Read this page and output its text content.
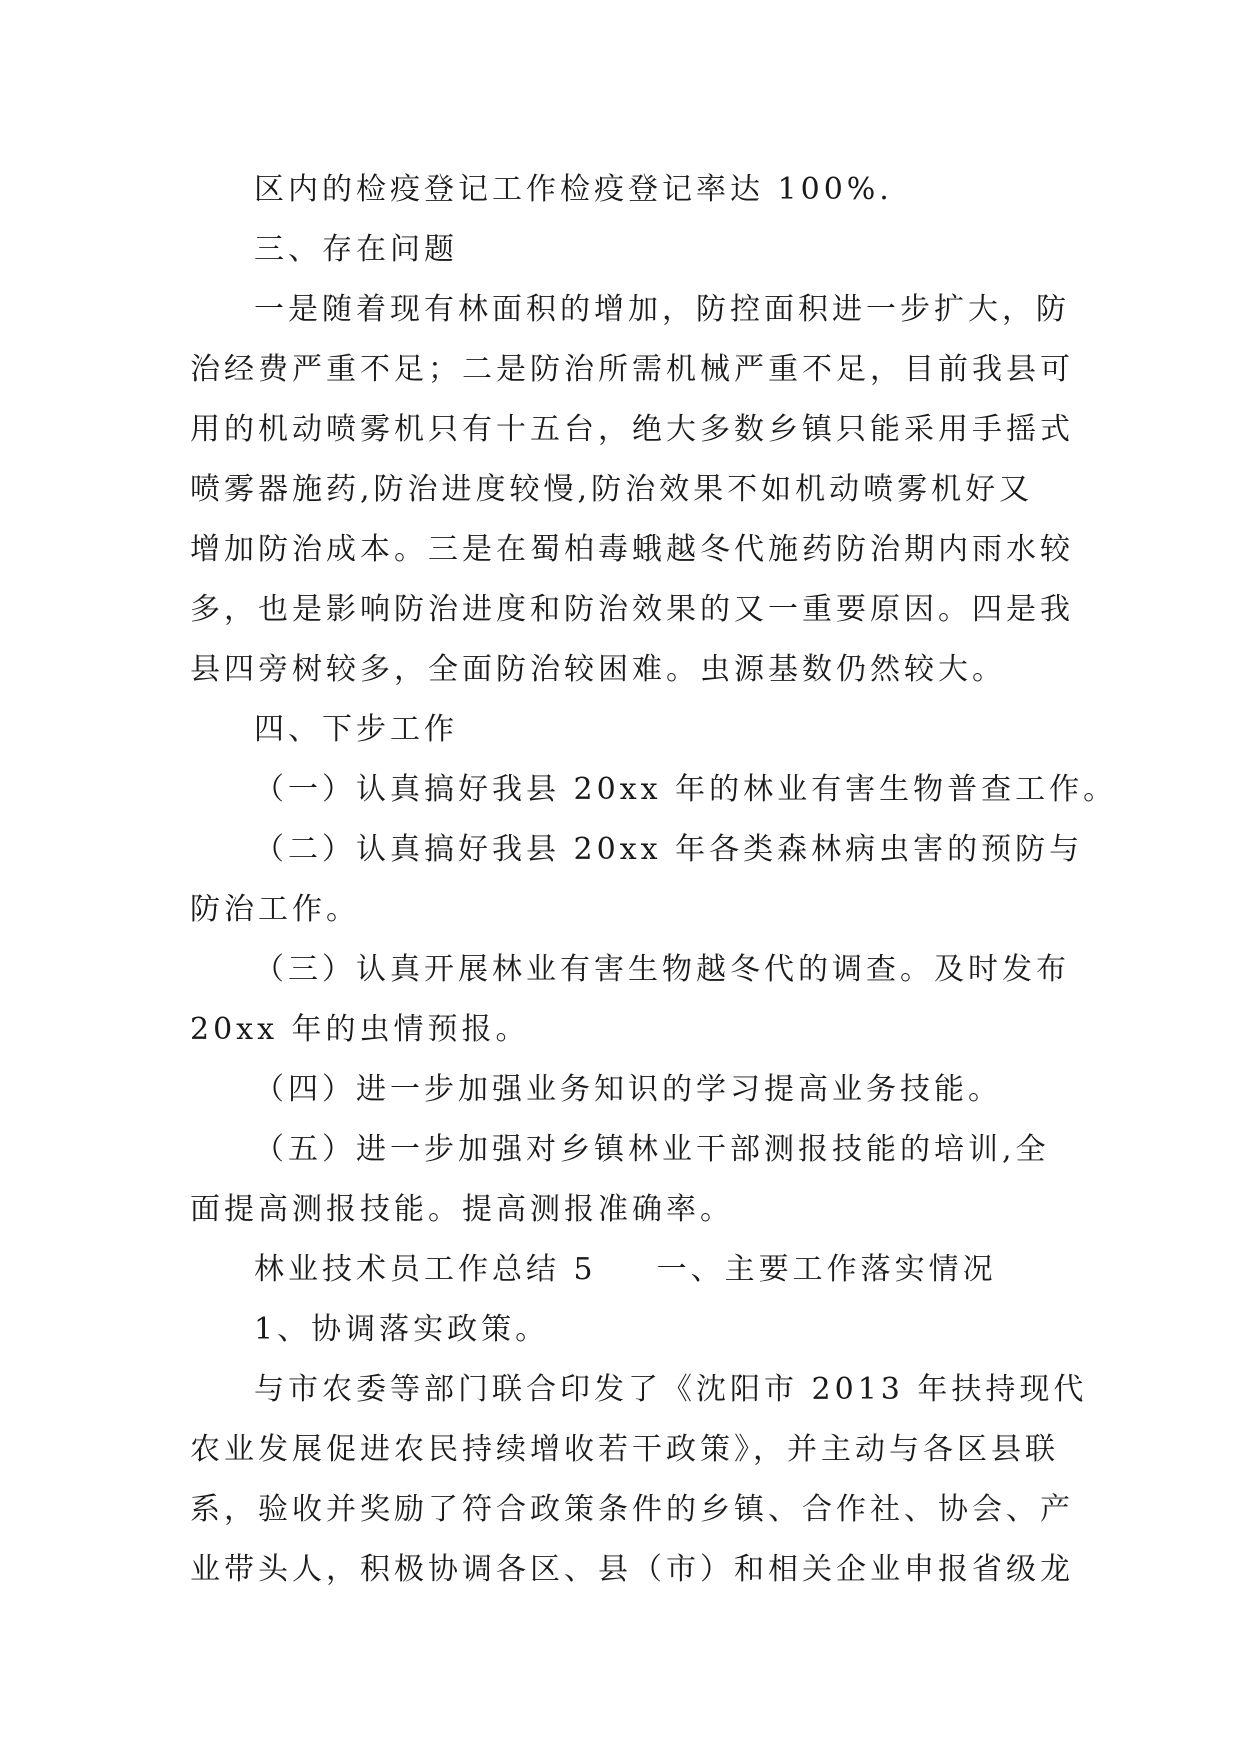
区内的检疫登记工作检疫登记率达 100%.
三、存在问题
一是随着现有林面积的增加，防控面积进一步扩大，防
治经费严重不足；二是防治所需机械严重不足，目前我县可
用的机动喷雾机只有十五台，绝大多数乡镇只能采用手摇式
喷雾器施药,防治进度较慢,防治效果不如机动喷雾机好又
增加防治成本。三是在蜀柏毒蛾越冬代施药防治期内雨水较
多，也是影响防治进度和防治效果的又一重要原因。四是我
县四旁树较多，全面防治较困难。虫源基数仍然较大。
四、下步工作
（一）认真搞好我县 20xx 年的林业有害生物普查工作。
（二）认真搞好我县 20xx 年各类森林病虫害的预防与
防治工作。
（三）认真开展林业有害生物越冬代的调查。及时发布
20xx 年的虫情预报。
（四）进一步加强业务知识的学习提高业务技能。
（五）进一步加强对乡镇林业干部测报技能的培训,全
面提高测报技能。提高测报准确率。
林业技术员工作总结 5 一、主要工作落实情况
1、协调落实政策。
与市农委等部门联合印发了《沈阳市 2013 年扶持现代
农业发展促进农民持续增收若干政策》，并主动与各区县联
系，验收并奖励了符合政策条件的乡镇、合作社、协会、产
业带头人，积极协调各区、县（市）和相关企业申报省级龙
